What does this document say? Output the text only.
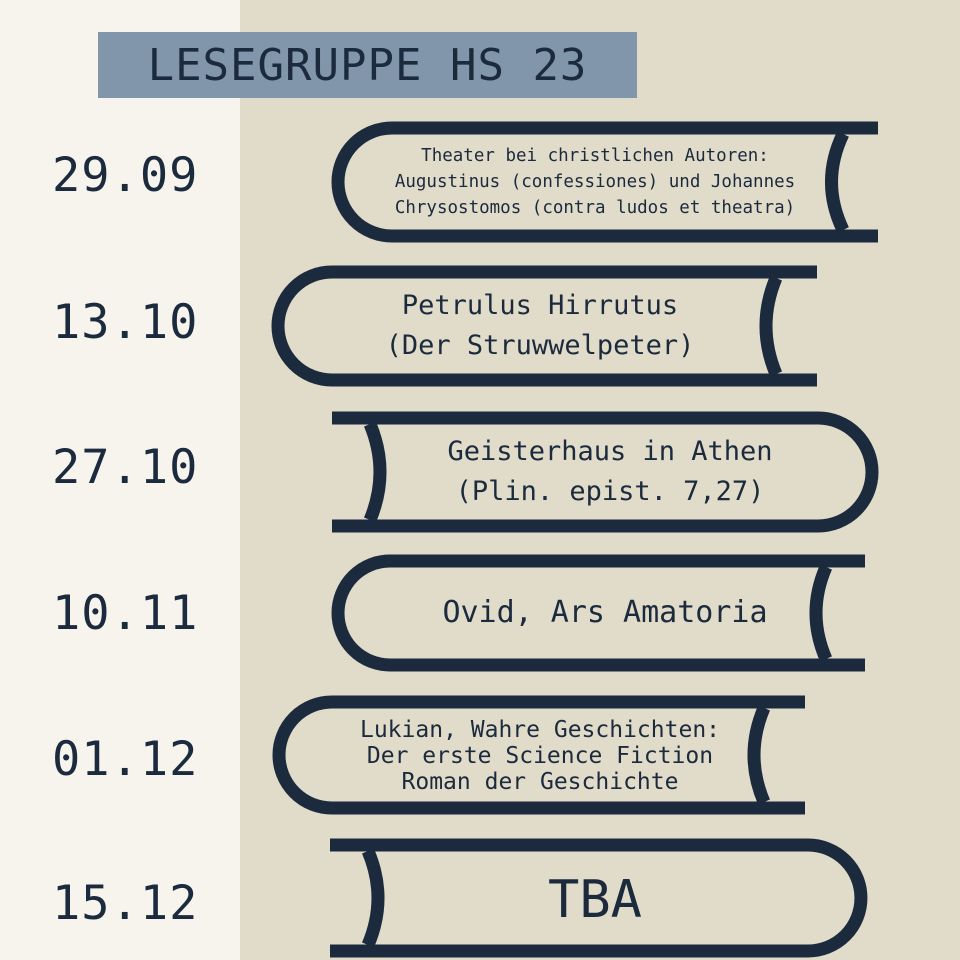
LESEGRUPPE HS 23
29.09
13.10
27.10
10.11
01.12
15.12
Theater bei christlichen Autoren:
Augustinus (confessiones) und Johannes
Chrysostomos (contra ludos et theatra)
Petrulus Hirrutus
(Der Struwwelpeter)
Geisterhaus in Athen
(Plin. epist. 7,27)
Ovid, Ars Amatoria
Lukian, Wahre Geschichten:
Der erste Science Fiction
Roman der Geschichte
TBA
